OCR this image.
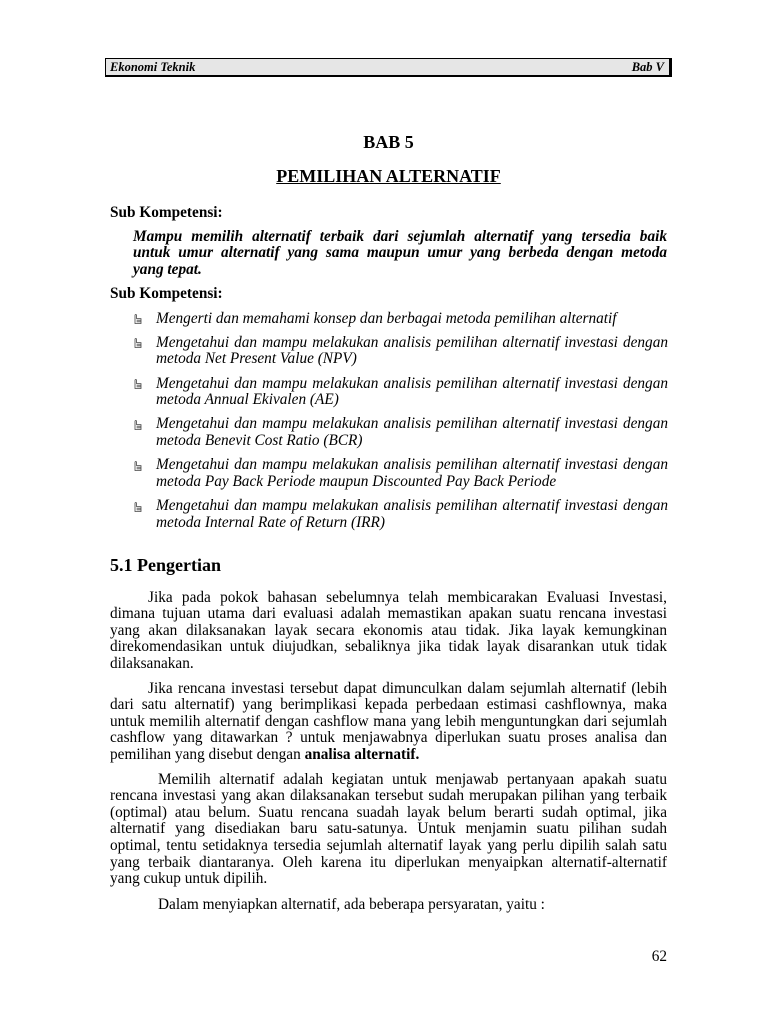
Ekonomi Teknik	Bab V
BAB 5
PEMILIHAN ALTERNATIF
Sub Kompetensi:
Mampu memilih alternatif terbaik dari sejumlah alternatif yang tersedia baik
untuk umur alternatif yang sama maupun umur yang berbeda dengan metoda
yang tepat.
Sub Kompetensi:
Mengerti dan memahami konsep dan berbagai metoda pemilihan alternatif
Mengetahui dan mampu melakukan analisis pemilihan alternatif investasi dengan
metoda Net Present Value (NPV)
Mengetahui dan mampu melakukan analisis pemilihan alternatif investasi dengan
metoda Annual Ekivalen (AE)
Mengetahui dan mampu melakukan analisis pemilihan alternatif investasi dengan
metoda Benevit Cost Ratio (BCR)
Mengetahui dan mampu melakukan analisis pemilihan alternatif investasi dengan
metoda Pay Back Periode maupun Discounted Pay Back Periode
Mengetahui dan mampu melakukan analisis pemilihan alternatif investasi dengan
metoda Internal Rate of Return (IRR)
5.1 Pengertian
Jika pada pokok bahasan sebelumnya telah membicarakan Evaluasi Investasi,
dimana tujuan utama dari evaluasi adalah memastikan apakan suatu rencana investasi
yang akan dilaksanakan layak secara ekonomis atau tidak. Jika layak kemungkinan
direkomendasikan untuk diujudkan, sebaliknya jika tidak layak disarankan utuk tidak
dilaksanakan.
Jika rencana investasi tersebut dapat dimunculkan dalam sejumlah alternatif (lebih
dari satu alternatif) yang berimplikasi kepada perbedaan estimasi cashflownya, maka
untuk memilih alternatif dengan cashflow mana yang lebih menguntungkan dari sejumlah
cashflow yang ditawarkan ? untuk menjawabnya diperlukan suatu proses analisa dan
pemilihan yang disebut dengan analisa alternatif.
Memilih alternatif adalah kegiatan untuk menjawab pertanyaan apakah suatu
rencana investasi yang akan dilaksanakan tersebut sudah merupakan pilihan yang terbaik
(optimal) atau belum. Suatu rencana suadah layak belum berarti sudah optimal, jika
alternatif yang disediakan baru satu-satunya. Untuk menjamin suatu pilihan sudah
optimal, tentu setidaknya tersedia sejumlah alternatif layak yang perlu dipilih salah satu
yang terbaik diantaranya. Oleh karena itu diperlukan menyaipkan alternatif-alternatif
yang cukup untuk dipilih.
Dalam menyiapkan alternatif, ada beberapa persyaratan, yaitu :
62
